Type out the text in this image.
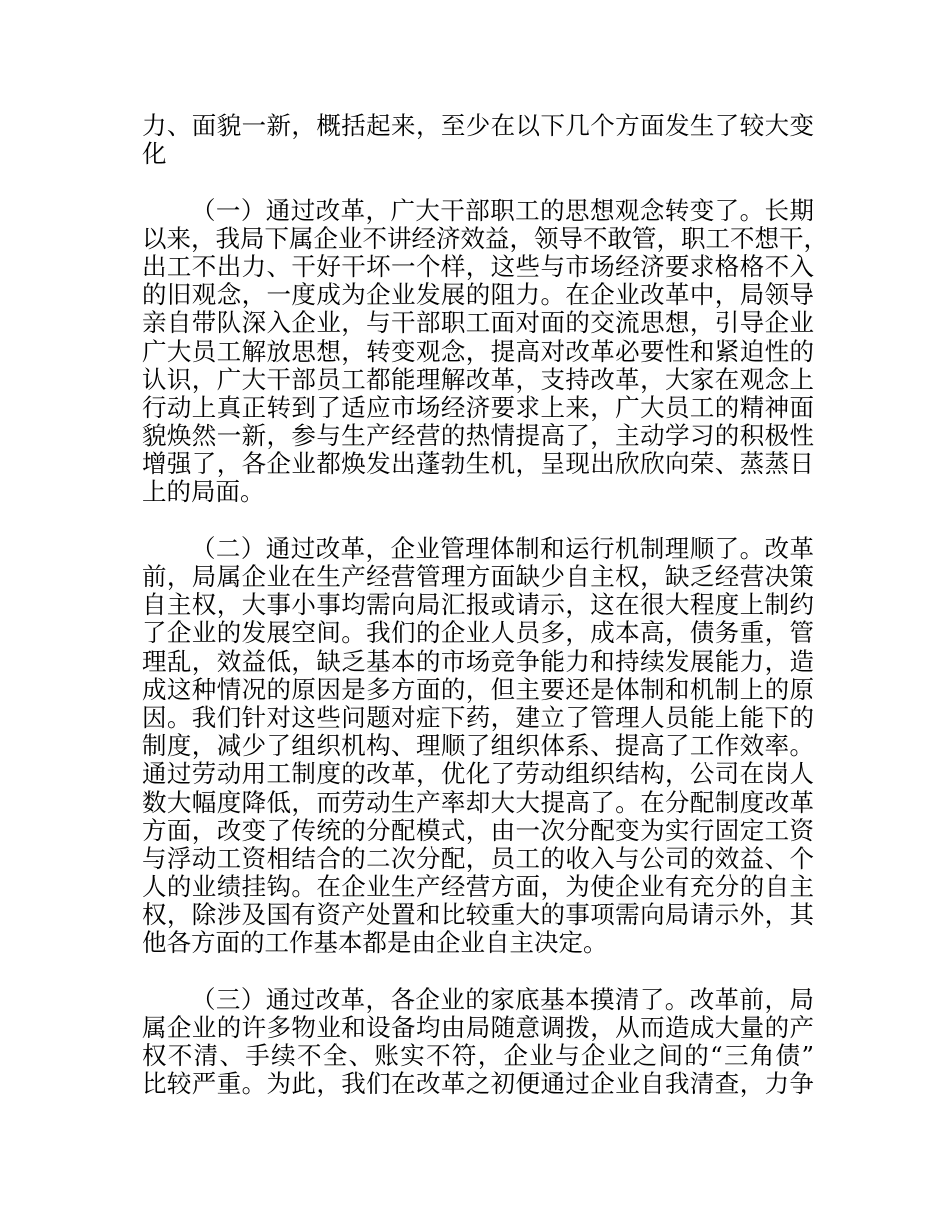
力、面貌一新，概括起来，至少在以下几个方面发生了较大变
化
（一）通过改革，广大干部职工的思想观念转变了。长期
以来，我局下属企业不讲经济效益，领导不敢管，职工不想干，
出工不出力、干好干坏一个样，这些与市场经济要求格格不入
的旧观念，一度成为企业发展的阻力。在企业改革中，局领导
亲自带队深入企业，与干部职工面对面的交流思想，引导企业
广大员工解放思想，转变观念，提高对改革必要性和紧迫性的
认识，广大干部员工都能理解改革，支持改革，大家在观念上
行动上真正转到了适应市场经济要求上来，广大员工的精神面
貌焕然一新，参与生产经营的热情提高了，主动学习的积极性
增强了，各企业都焕发出蓬勃生机，呈现出欣欣向荣、蒸蒸日
上的局面。
（二）通过改革，企业管理体制和运行机制理顺了。改革
前，局属企业在生产经营管理方面缺少自主权，缺乏经营决策
自主权，大事小事均需向局汇报或请示，这在很大程度上制约
了企业的发展空间。我们的企业人员多，成本高，债务重，管
理乱，效益低，缺乏基本的市场竞争能力和持续发展能力，造
成这种情况的原因是多方面的，但主要还是体制和机制上的原
因。我们针对这些问题对症下药，建立了管理人员能上能下的
制度，减少了组织机构、理顺了组织体系、提高了工作效率。
通过劳动用工制度的改革，优化了劳动组织结构，公司在岗人
数大幅度降低，而劳动生产率却大大提高了。在分配制度改革
方面，改变了传统的分配模式，由一次分配变为实行固定工资
与浮动工资相结合的二次分配，员工的收入与公司的效益、个
人的业绩挂钩。在企业生产经营方面，为使企业有充分的自主
权，除涉及国有资产处置和比较重大的事项需向局请示外，其
他各方面的工作基本都是由企业自主决定。
（三）通过改革，各企业的家底基本摸清了。改革前，局
属企业的许多物业和设备均由局随意调拨，从而造成大量的产
权不清、手续不全、账实不符，企业与企业之间的“三角债”
比较严重。为此，我们在改革之初便通过企业自我清查，力争
